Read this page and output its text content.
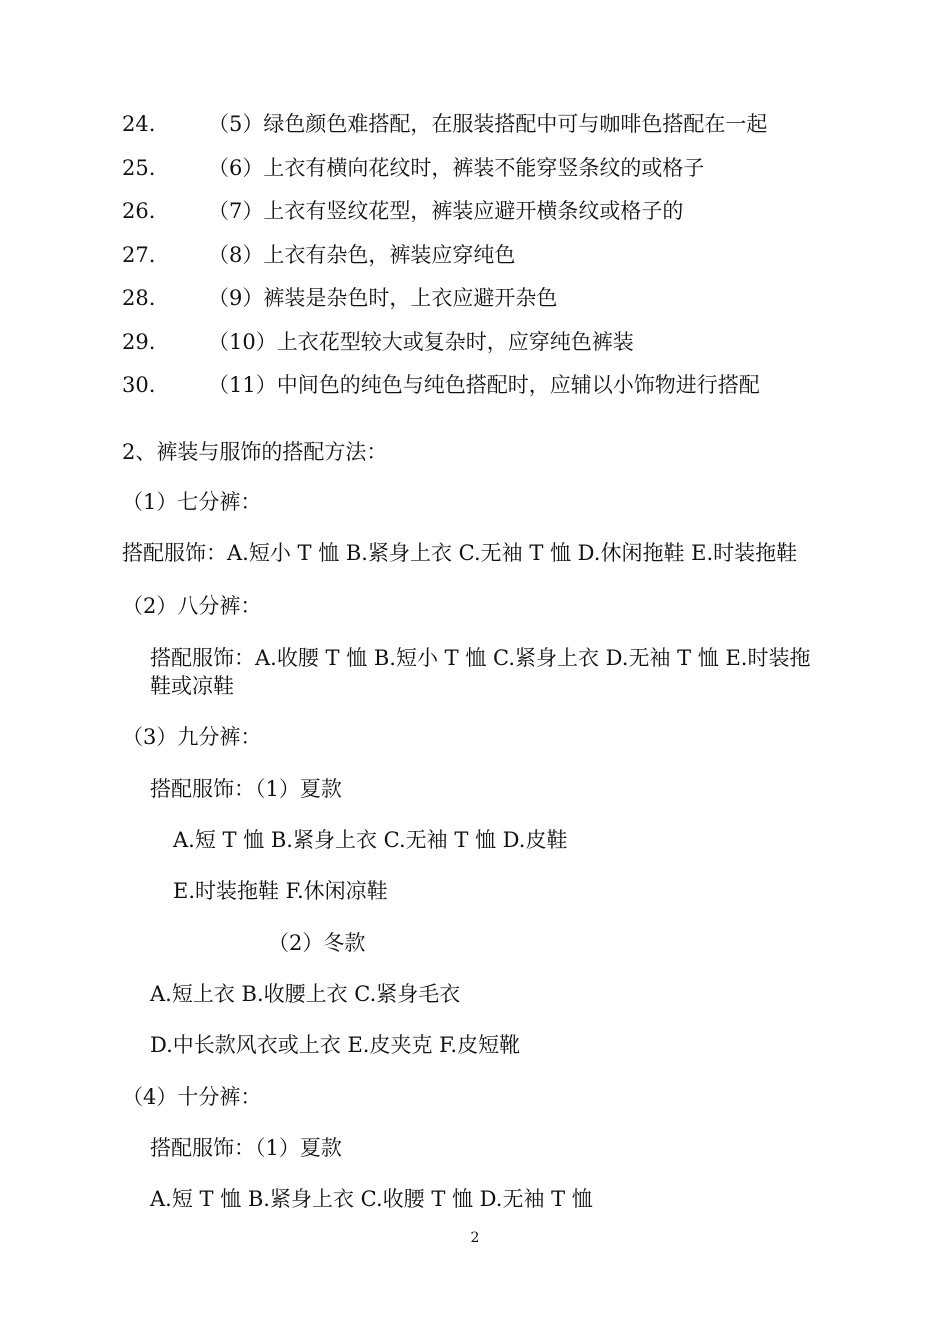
24.	（5）绿色颜色难搭配，在服装搭配中可与咖啡色搭配在一起
25.	（6）上衣有横向花纹时，裤装不能穿竖条纹的或格子
26.	（7）上衣有竖纹花型，裤装应避开横条纹或格子的
27.	（8）上衣有杂色，裤装应穿纯色
28.	（9）裤装是杂色时，上衣应避开杂色
29.	（10）上衣花型较大或复杂时，应穿纯色裤装
30.	（11）中间色的纯色与纯色搭配时，应辅以小饰物进行搭配
2、裤装与服饰的搭配方法：
（1）七分裤：
搭配服饰：A.短小 T 恤 B.紧身上衣 C.无袖 T 恤 D.休闲拖鞋 E.时装拖鞋
（2）八分裤：
搭配服饰：A.收腰 T 恤 B.短小 T 恤 C.紧身上衣 D.无袖 T 恤 E.时装拖
鞋或凉鞋
（3）九分裤：
搭配服饰：（1）夏款
A.短 T 恤 B.紧身上衣 C.无袖 T 恤 D.皮鞋
E.时装拖鞋 F.休闲凉鞋
（2）冬款
A.短上衣 B.收腰上衣 C.紧身毛衣
D.中长款风衣或上衣 E.皮夹克 F.皮短靴
（4）十分裤：
搭配服饰：（1）夏款
A.短 T 恤 B.紧身上衣 C.收腰 T 恤 D.无袖 T 恤
2
